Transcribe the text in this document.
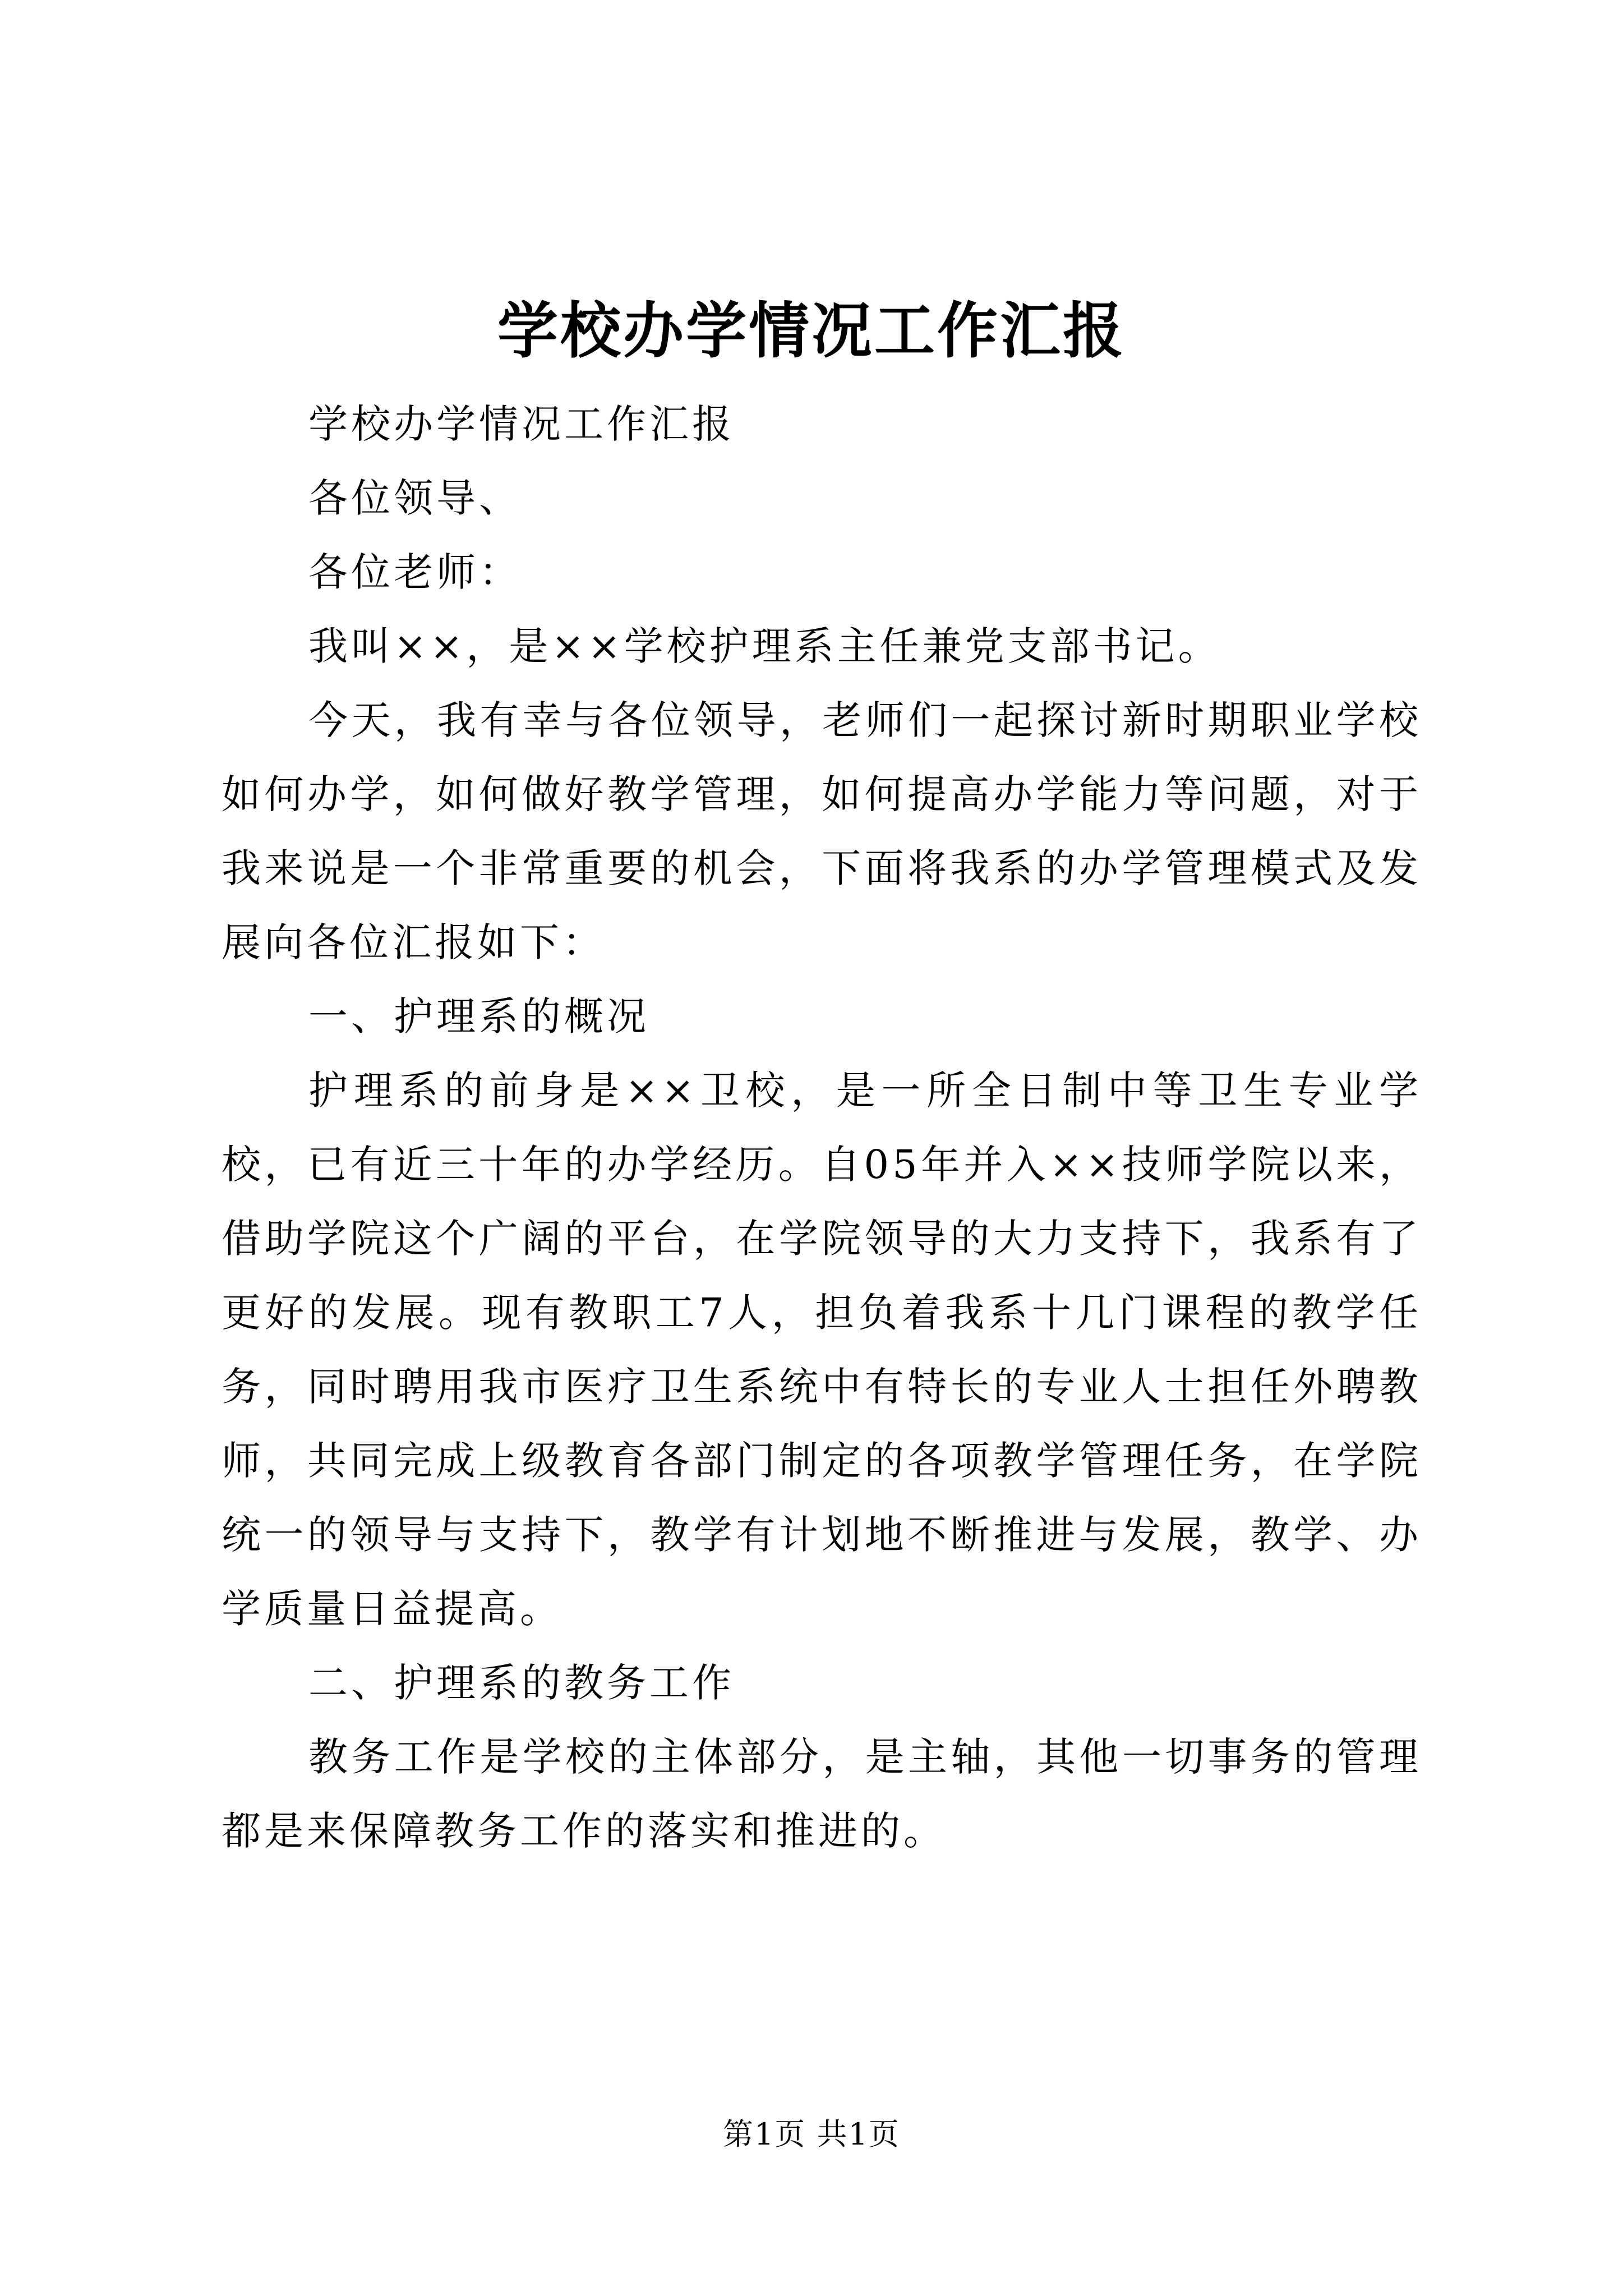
学校办学情况工作汇报

学校办学情况工作汇报

各位领导、

各位老师：

我叫××，是××学校护理系主任兼党支部书记。

今天，我有幸与各位领导，老师们一起探讨新时期职业学校如何办学，如何做好教学管理，如何提高办学能力等问题，对于我来说是一个非常重要的机会，下面将我系的办学管理模式及发展向各位汇报如下：

一、护理系的概况

护理系的前身是××卫校，是一所全日制中等卫生专业学校，已有近三十年的办学经历。自05年并入××技师学院以来，借助学院这个广阔的平台，在学院领导的大力支持下，我系有了更好的发展。现有教职工7人，担负着我系十几门课程的教学任务，同时聘用我市医疗卫生系统中有特长的专业人士担任外聘教师，共同完成上级教育各部门制定的各项教学管理任务，在学院统一的领导与支持下，教学有计划地不断推进与发展，教学、办学质量日益提高。

二、护理系的教务工作

教务工作是学校的主体部分，是主轴，其他一切事务的管理都是来保障教务工作的落实和推进的。

第1页 共1页
